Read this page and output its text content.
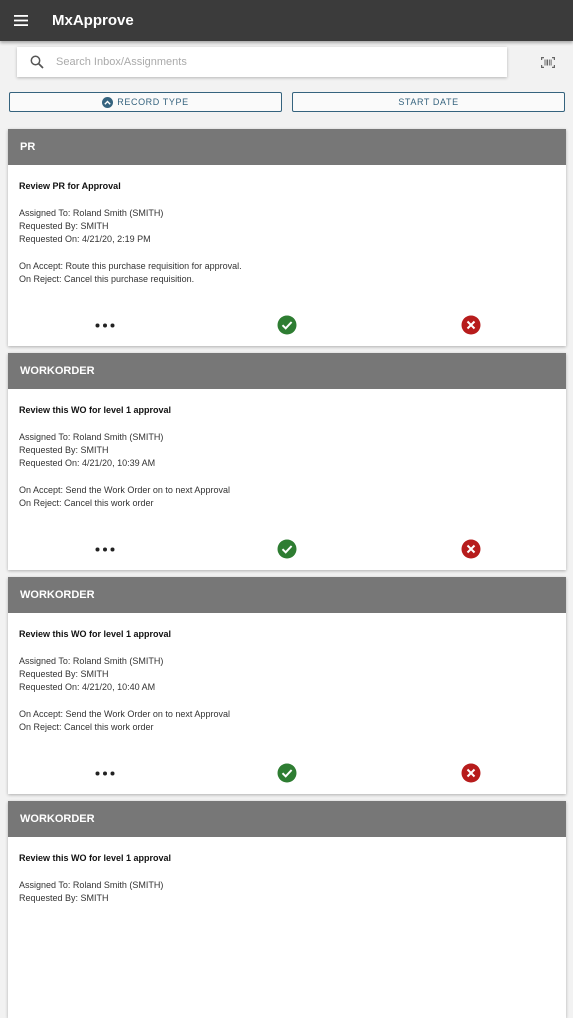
MxApprove
Search Inbox/Assignments
RECORD TYPE	START DATE
PR
Review PR for Approval
Assigned To: Roland Smith (SMITH)
Requested By: SMITH
Requested On: 4/21/20, 2:19 PM
On Accept: Route this purchase requisition for approval.
On Reject: Cancel this purchase requisition.
WORKORDER
Review this WO for level 1 approval
Assigned To: Roland Smith (SMITH)
Requested By: SMITH
Requested On: 4/21/20, 10:39 AM
On Accept: Send the Work Order on to next Approval
On Reject: Cancel this work order
WORKORDER
Review this WO for level 1 approval
Assigned To: Roland Smith (SMITH)
Requested By: SMITH
Requested On: 4/21/20, 10:40 AM
On Accept: Send the Work Order on to next Approval
On Reject: Cancel this work order
WORKORDER
Review this WO for level 1 approval
Assigned To: Roland Smith (SMITH)
Requested By: SMITH
